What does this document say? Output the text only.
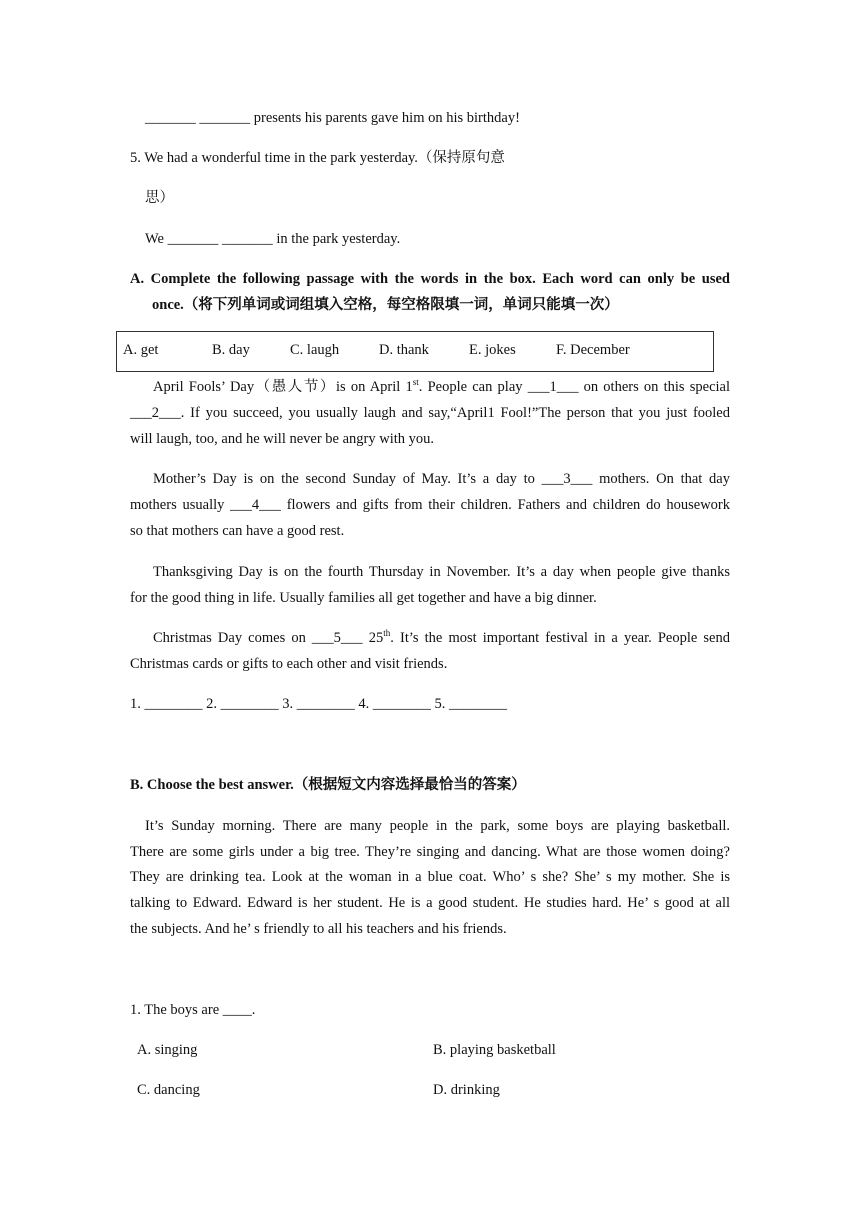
_______ _______ presents his parents gave him on his birthday!
5. We had a wonderful time in the park yesterday.（保持原句意
思）
We _______ _______ in the park yesterday.
A. Complete the following passage with the words in the box. Each word can only be used
once.（将下列单词或词组填入空格，每空格限填一词，单词只能填一次）
A. get	B. day	C. laugh	D. thank	E. jokes	F. December
April Fools’ Day（愚人节）is on April 1st. People can play ___1___ on others on this special
___2___. If you succeed, you usually laugh and say,“April1 Fool!”The person that you just fooled
will laugh, too, and he will never be angry with you.
Mother’s Day is on the second Sunday of May. It’s a day to ___3___ mothers. On that day
mothers usually ___4___ flowers and gifts from their children. Fathers and children do housework
so that mothers can have a good rest.
Thanksgiving Day is on the fourth Thursday in November. It’s a day when people give thanks
for the good thing in life. Usually families all get together and have a big dinner.
Christmas Day comes on ___5___ 25th. It’s the most important festival in a year. People send
Christmas cards or gifts to each other and visit friends.
1. ________ 2. ________ 3. ________ 4. ________ 5. ________
B. Choose the best answer.（根据短文内容选择最恰当的答案）
It’s Sunday morning. There are many people in the park, some boys are playing basketball.
There are some girls under a big tree. They’re singing and dancing. What are those women doing?
They are drinking tea. Look at the woman in a blue coat. Who’ s she? She’ s my mother. She is
talking to Edward. Edward is her student. He is a good student. He studies hard. He’ s good at all
the subjects. And he’ s friendly to all his teachers and his friends.
1. The boys are ____.
A. singing	B. playing basketball
C. dancing	D. drinking
